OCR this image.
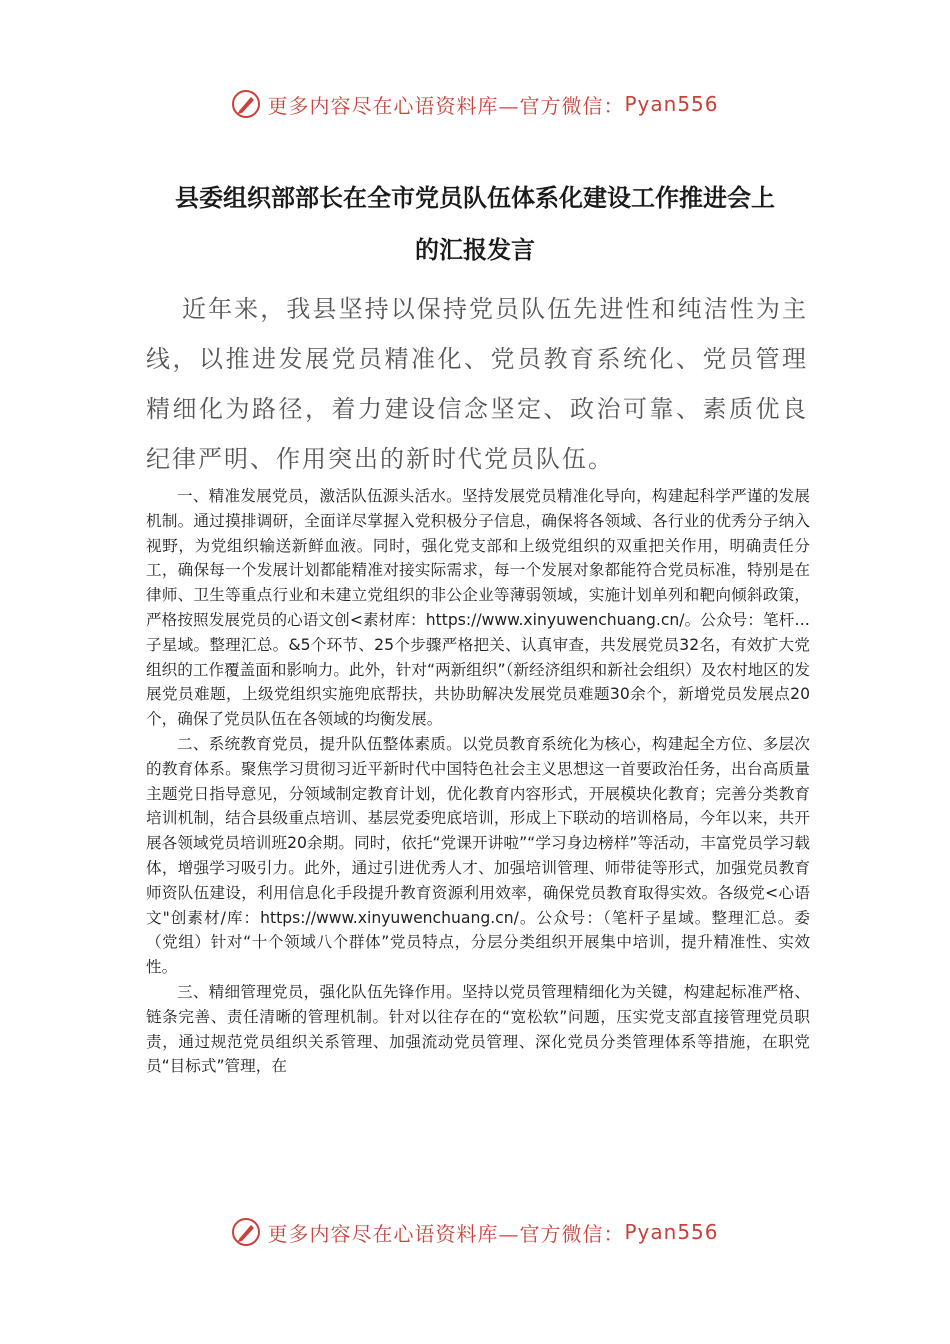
更多内容尽在心语资料库—官方微信： Pyan556
县委组织部部长在全市党员队伍体系化建设工作推进会上
的汇报发言
近年来，我县坚持以保持党员队伍先进性和纯洁性为主线，以推进发展党员精准化、党员教育系统化、党员管理精细化为路径，着力建设信念坚定、政治可靠、素质优良纪律严明、作用突出的新时代党员队伍。

一、精准发展党员，激活队伍源头活水。坚持发展党员精准化导向，构建起科学严谨的发展机制。通过摸排调研，全面详尽掌握入党积极分子信息，确保将各领域、各行业的优秀分子纳入视野，为党组织输送新鲜血液。同时，强化党支部和上级党组织的双重把关作用，明确责任分工，确保每一个发展计划都能精准对接实际需求，每一个发展对象都能符合党员标准，特别是在律师、卫生等重点行业和未建立党组织的非公企业等薄弱领域，实施计划单列和靶向倾斜政策，严格按照发展党员的心语文创<素材库：https://www.xinyuwenchuang.cn/。公众号：笔杆…子星域。整理汇总。&5个环节、25个步骤严格把关、认真审查，共发展党员32名，有效扩大党组织的工作覆盖面和影响力。此外，针对“两新组织”（新经济组织和新社会组织）及农村地区的发展党员难题，上级党组织实施兜底帮扶，共协助解决发展党员难题30余个，新增党员发展点20个，确保了党员队伍在各领域的均衡发展。

二、系统教育党员，提升队伍整体素质。以党员教育系统化为核心，构建起全方位、多层次的教育体系。聚焦学习贯彻习近平新时代中国特色社会主义思想这一首要政治任务，出台高质量主题党日指导意见，分领域制定教育计划，优化教育内容形式，开展模块化教育；完善分类教育培训机制，结合县级重点培训、基层党委兜底培训，形成上下联动的培训格局，今年以来，共开展各领域党员培训班20余期。同时，依托“党课开讲啦”“学习身边榜样”等活动，丰富党员学习载体，增强学习吸引力。此外，通过引进优秀人才、加强培训管理、师带徒等形式，加强党员教育师资队伍建设，利用信息化手段提升教育资源利用效率，确保党员教育取得实效。各级党<心语文"创素材/库：https://www.xinyuwenchuang.cn/。公众号：（笔杆子星域。整理汇总。委（党组）针对“十个领域八个群体”党员特点，分层分类组织开展集中培训，提升精准性、实效性。

三、精细管理党员，强化队伍先锋作用。坚持以党员管理精细化为关键，构建起标准严格、链条完善、责任清晰的管理机制。针对以往存在的“宽松软”问题，压实党支部直接管理党员职责，通过规范党员组织关系管理、加强流动党员管理、深化党员分类管理体系等措施，在职党员“目标式”管理，在

更多内容尽在心语资料库—官方微信： Pyan556
